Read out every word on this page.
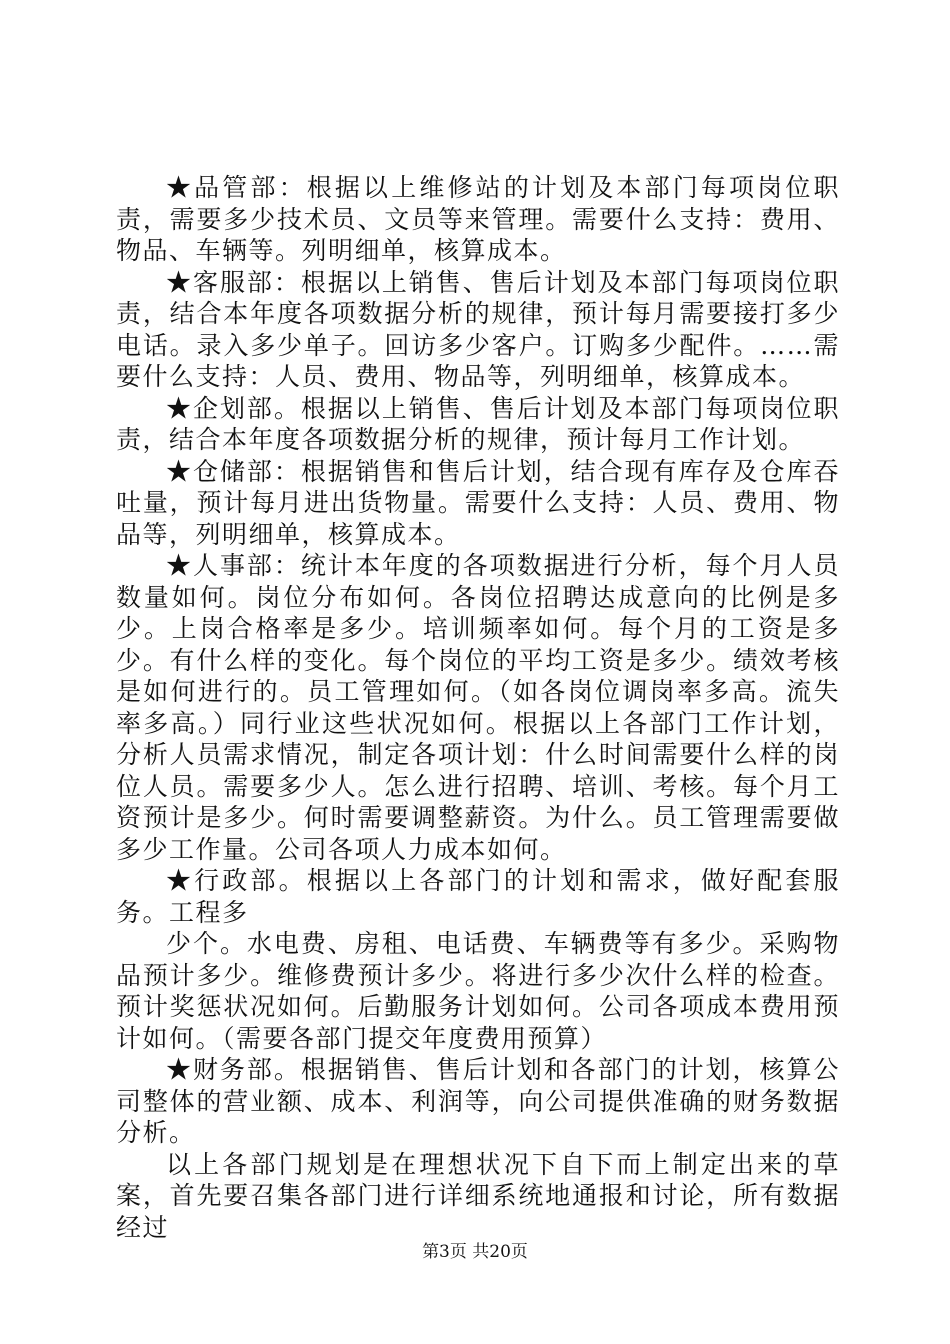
★品管部：根据以上维修站的计划及本部门每项岗位职责，需要多少技术员、文员等来管理。需要什么支持：费用、物品、车辆等。列明细单，核算成本。

★客服部：根据以上销售、售后计划及本部门每项岗位职责，结合本年度各项数据分析的规律，预计每月需要接打多少电话。录入多少单子。回访多少客户。订购多少配件。……需要什么支持：人员、费用、物品等，列明细单，核算成本。

★企划部。根据以上销售、售后计划及本部门每项岗位职责，结合本年度各项数据分析的规律，预计每月工作计划。

★仓储部：根据销售和售后计划，结合现有库存及仓库吞吐量，预计每月进出货物量。需要什么支持：人员、费用、物品等，列明细单，核算成本。

★人事部：统计本年度的各项数据进行分析，每个月人员数量如何。岗位分布如何。各岗位招聘达成意向的比例是多少。上岗合格率是多少。培训频率如何。每个月的工资是多少。有什么样的变化。每个岗位的平均工资是多少。绩效考核是如何进行的。员工管理如何。（如各岗位调岗率多高。流失率多高。）同行业这些状况如何。根据以上各部门工作计划，分析人员需求情况，制定各项计划：什么时间需要什么样的岗位人员。需要多少人。怎么进行招聘、培训、考核。每个月工资预计是多少。何时需要调整薪资。为什么。员工管理需要做多少工作量。公司各项人力成本如何。

★行政部。根据以上各部门的计划和需求，做好配套服务。工程多

少个。水电费、房租、电话费、车辆费等有多少。采购物品预计多少。维修费预计多少。将进行多少次什么样的检查。预计奖惩状况如何。后勤服务计划如何。公司各项成本费用预计如何。（需要各部门提交年度费用预算）

★财务部。根据销售、售后计划和各部门的计划，核算公司整体的营业额、成本、利润等，向公司提供准确的财务数据分析。

以上各部门规划是在理想状况下自下而上制定出来的草案，首先要召集各部门进行详细系统地通报和讨论，所有数据经过

第3页 共20页
